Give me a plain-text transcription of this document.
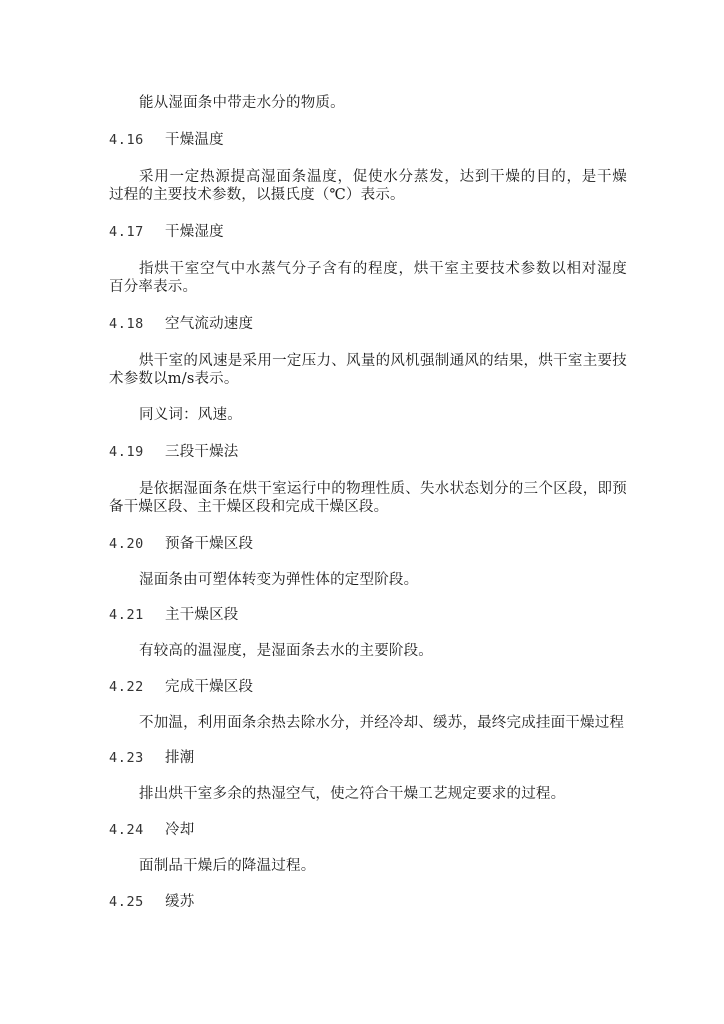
能从湿面条中带走水分的物质。
4.16 干燥温度
采用一定热源提高湿面条温度，促使水分蒸发，达到干燥的目的，是干燥
过程的主要技术参数，以摄氏度（℃）表示。
4.17 干燥湿度
指烘干室空气中水蒸气分子含有的程度，烘干室主要技术参数以相对湿度
百分率表示。
4.18 空气流动速度
烘干室的风速是采用一定压力、风量的风机强制通风的结果，烘干室主要技
术参数以m/s表示。
同义词：风速。
4.19 三段干燥法
是依据湿面条在烘干室运行中的物理性质、失水状态划分的三个区段，即预
备干燥区段、主干燥区段和完成干燥区段。
4.20 预备干燥区段
湿面条由可塑体转变为弹性体的定型阶段。
4.21 主干燥区段
有较高的温湿度，是湿面条去水的主要阶段。
4.22 完成干燥区段
不加温，利用面条余热去除水分，并经冷却、缓苏，最终完成挂面干燥过程
4.23 排潮
排出烘干室多余的热湿空气，使之符合干燥工艺规定要求的过程。
4.24 冷却
面制品干燥后的降温过程。
4.25 缓苏
